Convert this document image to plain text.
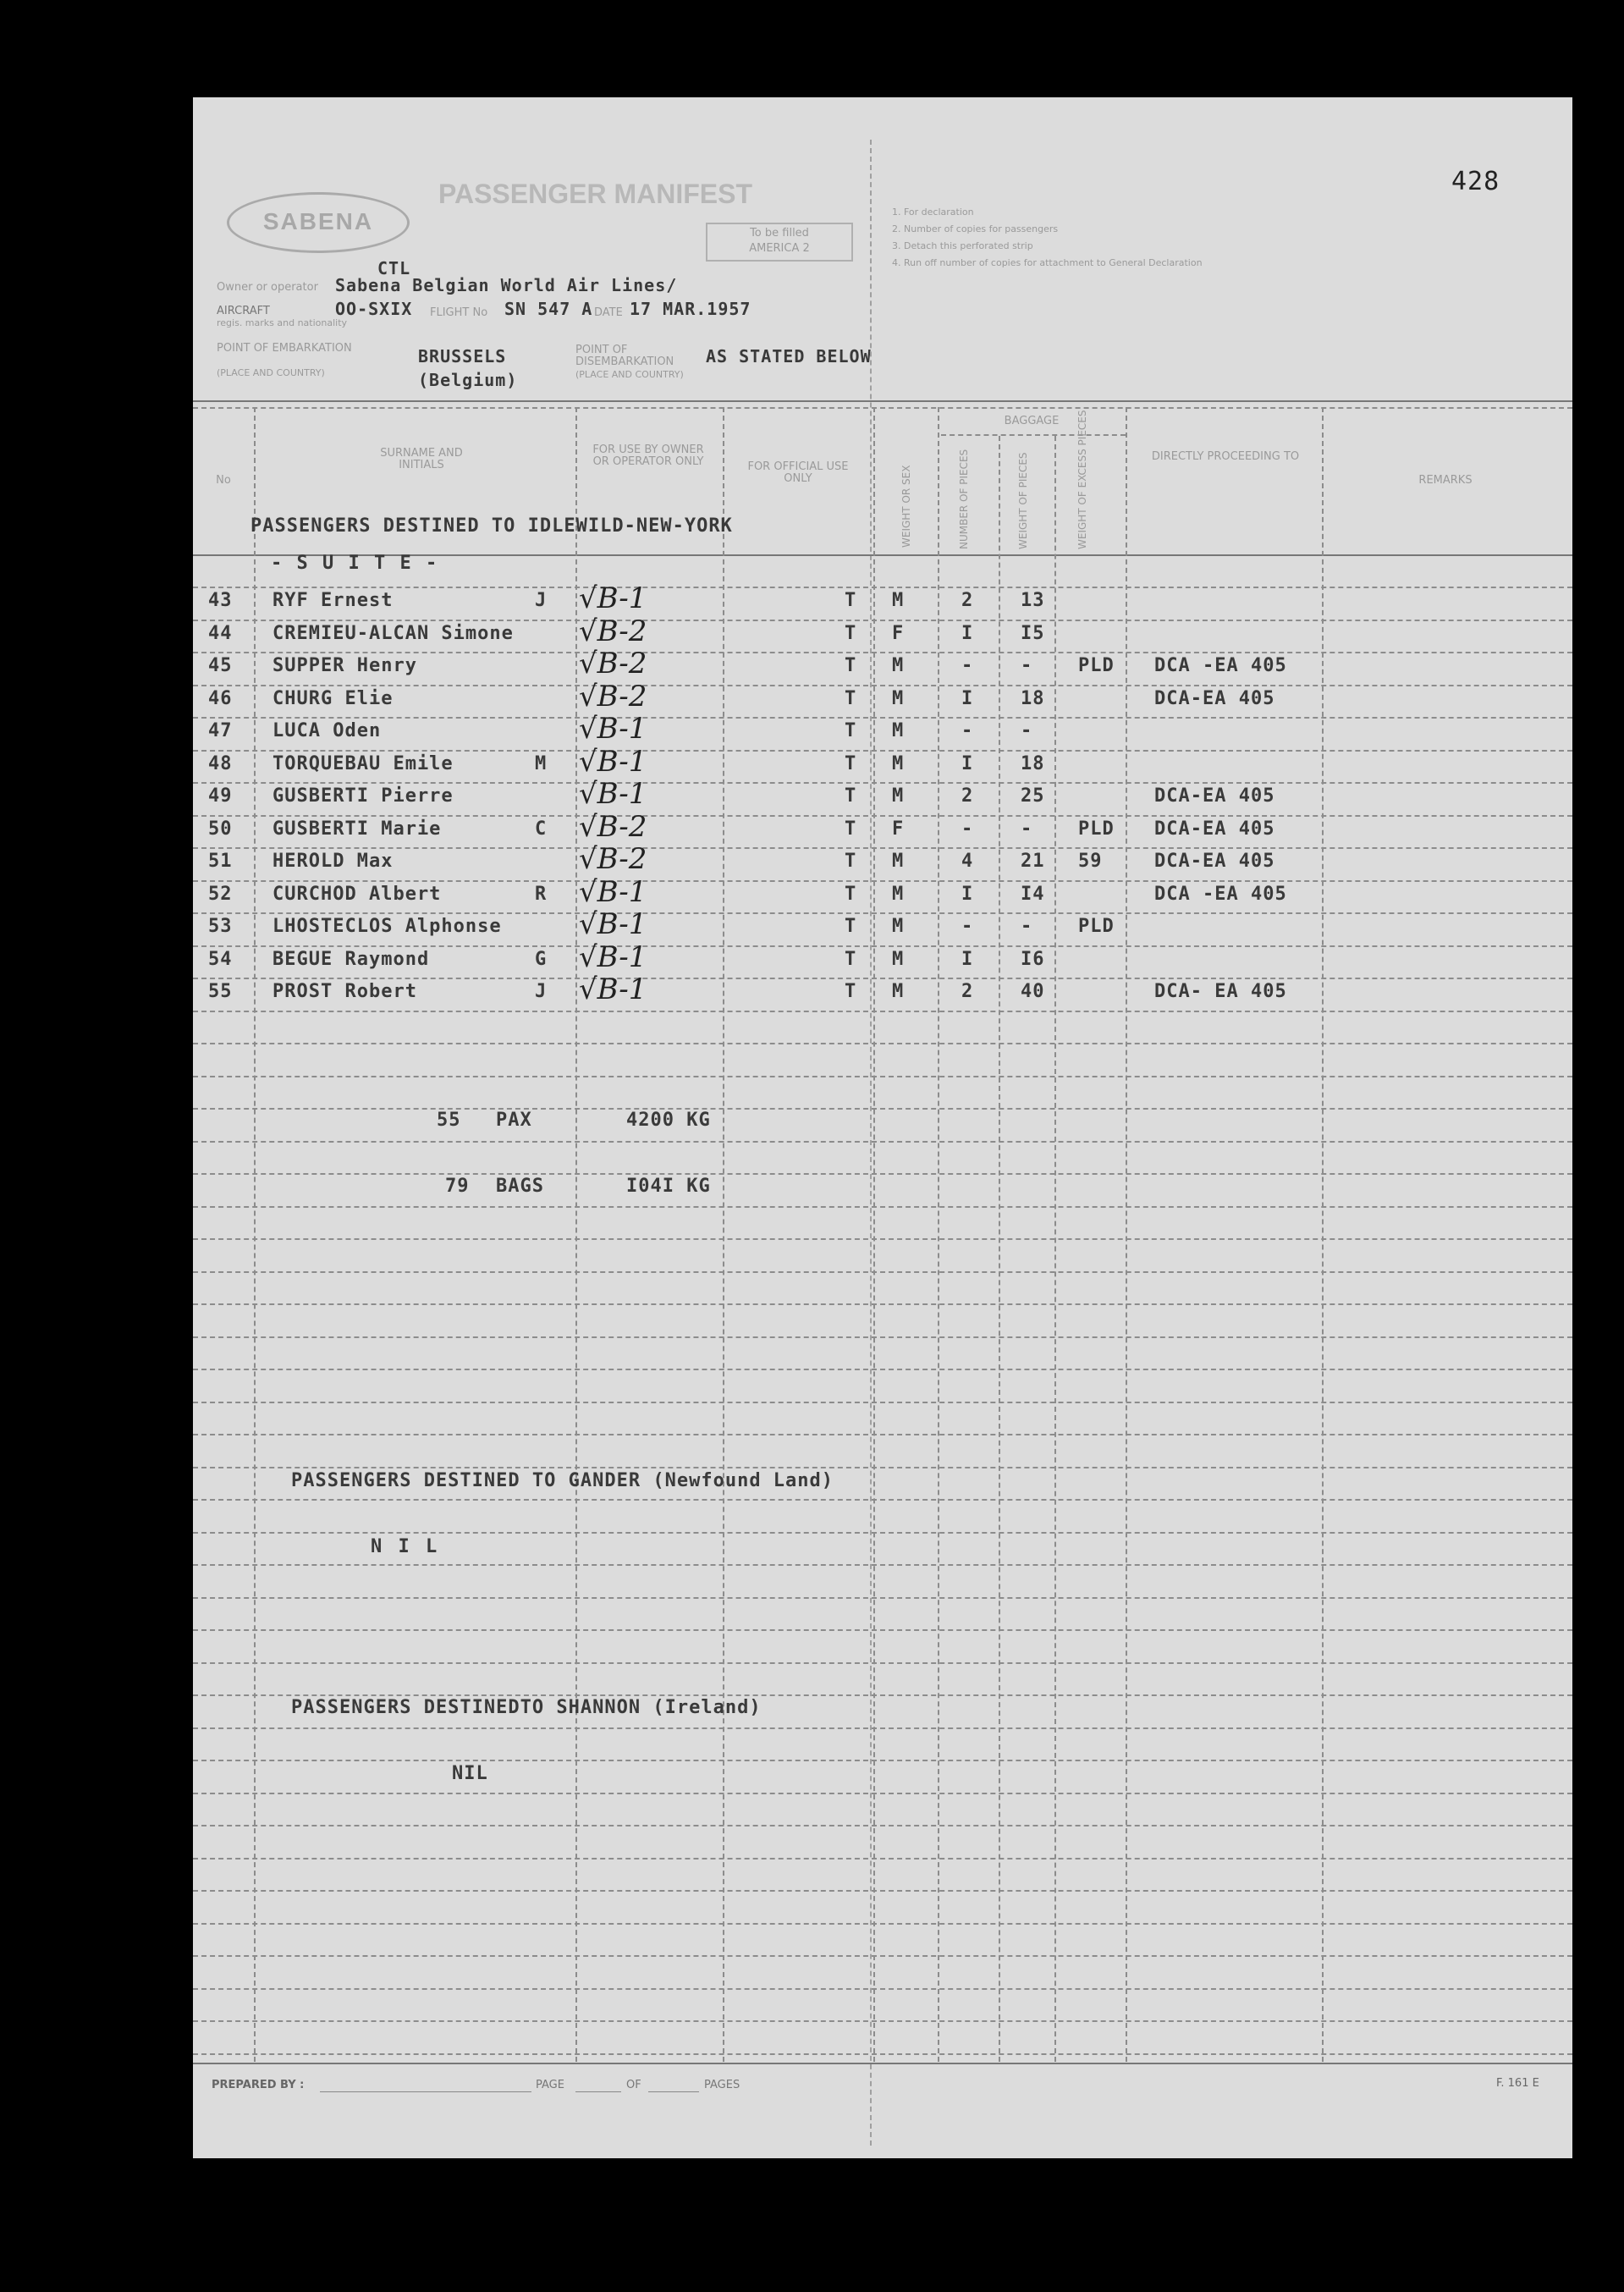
428
SABENA
PASSENGER MANIFEST
To be filled
AMERICA 2
1. For declaration
2. Number of copies for passengers
3. Detach this perforated strip
4. Run off number of copies for attachment to General Declaration
CTL
Owner or operator Sabena Belgian World Air Lines/
AIRCRAFT
regis. marks and nationality
OO-SXIX FLIGHT No SN 547 A DATE 17 MAR.1957
POINT OF EMBARKATION
(PLACE AND COUNTRY)
BRUSSELS
(Belgium)
POINT OF DISEMBARKATION
(PLACE AND COUNTRY)
AS STATED BELOW
No
SURNAME AND INITIALS
FOR USE BY OWNER OR OPERATOR ONLY	FOR OFFICIAL USE ONLY	WEIGHT OR SEX
BAGGAGE
NUMBER OF PIECES	WEIGHT OF PIECES	WEIGHT OF EXCESS PIECES	DIRECTLY PROCEEDING TO
REMARKS
PASSENGERS DESTINED TO IDLEWILD-NEW-YORK
- S U I T E -
43 RYF Ernest	J √B-1	T M	2	13
44 CREMIEU-ALCAN Simone √B-2	T F	I	I5
45 SUPPER Henry	√B-2	T M	-	- PLD DCA -EA 405
46 CHURG Elie	√B-2	T M	I	18	DCA-EA 405
47 LUCA Oden	√B-1	T M	-	-
48 TORQUEBAU Emile	M √B-1	T M	I	18
49 GUSBERTI Pierre	√B-1	T M	2	25	DCA-EA 405
50 GUSBERTI Marie	C √B-2	T F	-	- PLD DCA-EA 405
51 HEROLD Max	√B-2	T M	4	21 59	DCA-EA 405
52 CURCHOD Albert	R √B-1	T M	I	I4	DCA -EA 405
53 LHOSTECLOS Alphonse	√B-1	T M	-	- PLD
54 BEGUE Raymond	G √B-1	T M	I	I6
55 PROST Robert	J √B-1	T M	2	40	DCA- EA 405
55 PAX	4200 KG
79 BAGS	I04I KG
PASSENGERS DESTINED TO GANDER (Newfound Land)
N I L
PASSENGERS DESTINEDTO SHANNON (Ireland)
NIL
PREPARED BY :	PAGE	OF	PAGES	F. 161 E
